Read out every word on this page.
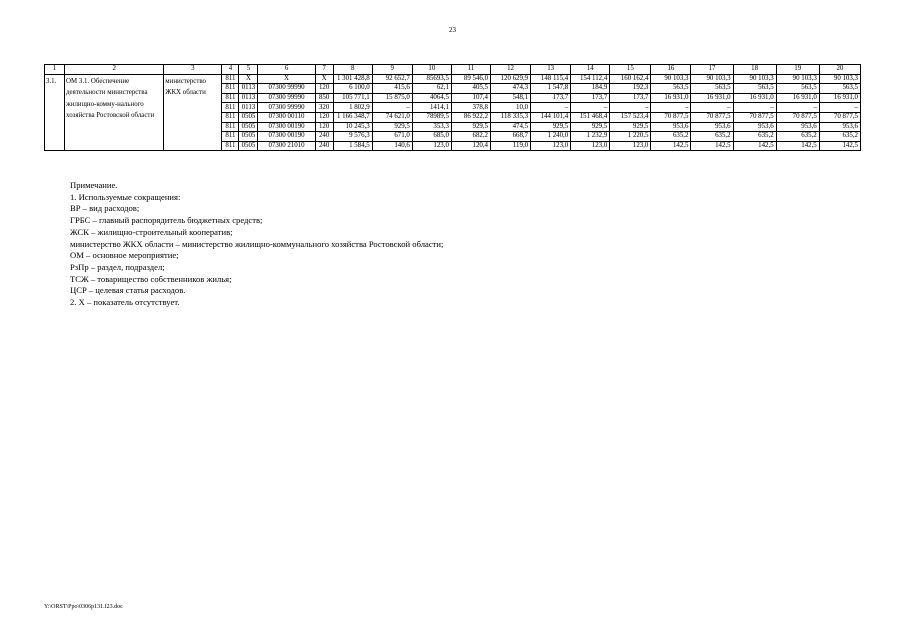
23
1	2	3	4	5	6	7	8	9	10	11	12	13	14	15	16	17	18	19	20
3.1.	ОМ 3.1. Обеспечение деятельности министерства жилищно-комму-нального хозяйства Ростовской области	министерство ЖКХ области	811	Х	Х	Х	1 301 428,8	92 652,7	85693,5	89 546,0	120 629,9	148 115,4	154 112,4	160 162,4	90 103,3	90 103,3	90 103,3	90 103,3	90 103,3
			811	0113	07300 99990	120	6 100,0	415,6	62,1	405,5	474,3	1 547,8	184,9	192,3	563,5	563,5	563,5	563,5	563,5
			811	0113	07300 99990	850	105 771,1	15 875,0	4064,5	107,4	548,1	173,7	173,7	173,7	16 931,0	16 931,0	16 931,0	16 931,0	16 931,0
			811	0113	07300 99990	320	1 802,9	–	1414,1	378,8	10,0	–	–	–	–	–	–	–	–
			811	0505	07300 00110	120	1 166 348,7	74 621,0	78989,5	86 922,2	118 335,3	144 101,4	151 468,4	157 523,4	70 877,5	70 877,5	70 877,5	70 877,5	70 877,5
			811	0505	07300 00190	120	10 245,3	929,5	353,3	929,5	474,5	929,5	929,5	929,5	953,6	953,6	953,6	953,6	953,6
			811	0505	07300 00190	240	9 576,3	671,0	685,0	682,2	668,7	1 240,0	1 232,9	1 220,5	635,2	635,2	635,2	635,2	635,2
			811	0505	07300 21010	240	1 584,5	140,6	123,0	120,4	119,0	123,0	123,0	123,0	142,5	142,5	142,5	142,5	142,5
Примечание.
1. Используемые сокращения:
ВР – вид расходов;
ГРБС – главный распорядитель бюджетных средств;
ЖСК – жилищно-строительный кооператив;
министерство ЖКХ области – министерство жилищно-коммунального хозяйства Ростовской области;
ОМ – основное мероприятие;
РзПр – раздел, подраздел;
ТСЖ – товарищество собственников жилья;
ЦСР – целевая статья расходов.
2. Х – показатель отсутствует.
Y:\ORST\Ppo\0306p131.f23.doc
